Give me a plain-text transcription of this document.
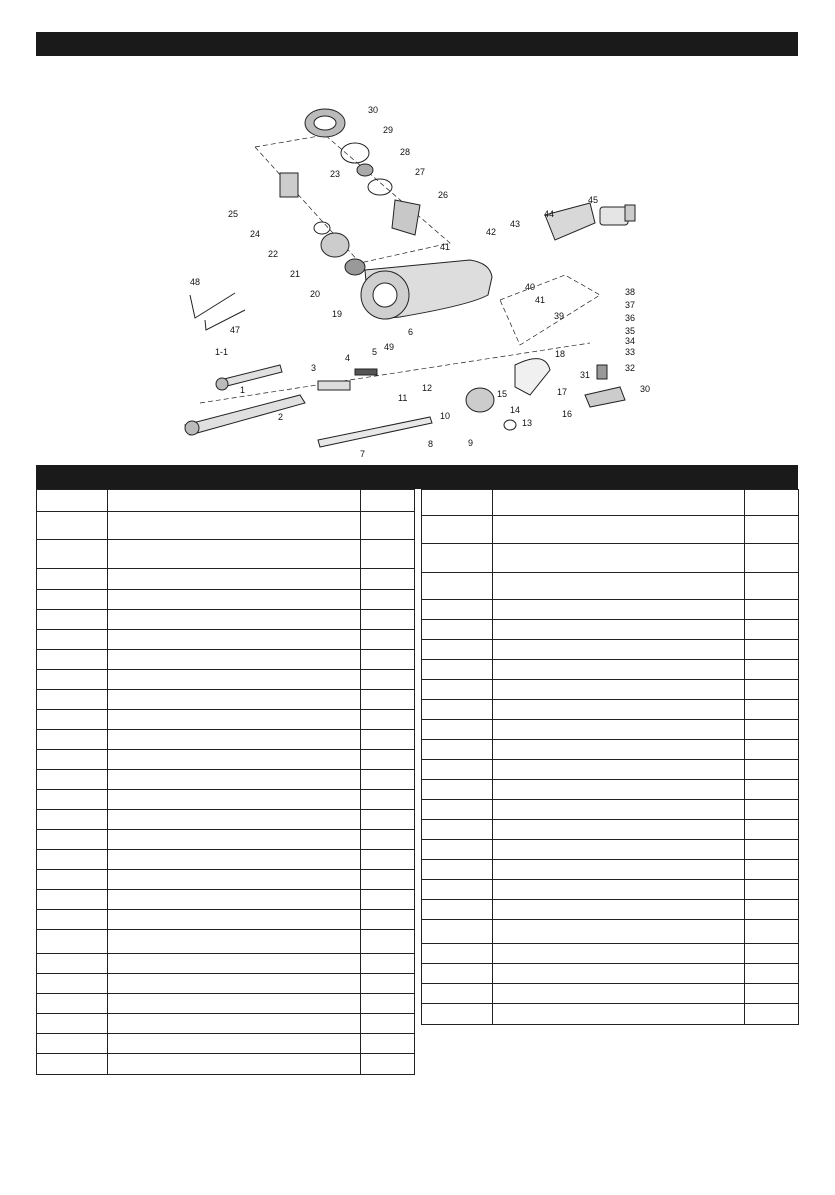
30
29
28
27
26
23
25
24
22
21
20
19
41
42
43
44
45
40
41
39
38
37
36
35
34
33
32
31
30
18
17
16
15
14
13
12
11
10
9
8
7
6
49
5
4
3
2
1
1-1
48
47
